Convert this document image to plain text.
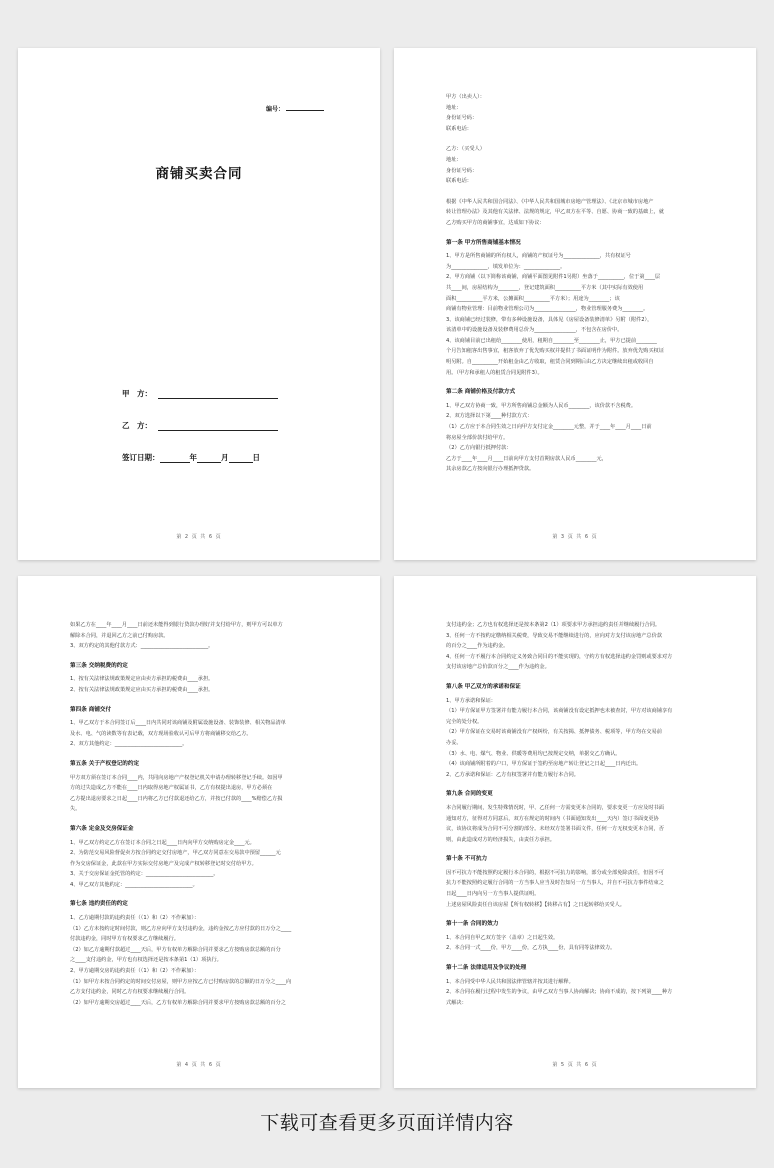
编号：
商铺买卖合同
甲　方：
乙　方：
签订日期：	年	月	日
第 2 页 共 6 页

甲方（出卖人）：

地址：

身份证号码：

联系电话：

乙方：（买受人）

地址：

身份证号码：

联系电话：

根据《中华人民共和国合同法》、《中华人民共和国城市房地产管理法》、《北京市城市房地产

转让管理办法》及其他有关法律、法规的规定，甲乙双方在平等、自愿、协商一致的基础上，就

乙方购买甲方的商铺事宜，达成如下协议：

第一条 甲方所售商铺基本情况

1、甲方是所售商铺的所有权人，商铺的产权证号为______________，共有权证号

为______________，填发单位为：______________。

2、甲方商铺（以下简称该商铺，商铺平面图见附件1另附）坐落于__________，位于第____层

共____间，房屋结构为________，登记建筑面积__________平方米（其中实际有效使用

面积__________平方米，公摊面积__________平方米）；用途为________；该

商铺有物业管理：目前物业管理公司为________________，物业管理服务费为________。

3、该商铺已经过装修，带有多种设施设备，具体见《房屋设备装修清单》另附（附件2），

该清单中的设施设备及装修费用总价为________________，不包含在房价中。

4、该商铺目前已出租给________使用，租期自________至________止，甲方已提前________

个月告知租客出售事宜，租客放弃了优先购买权并提供了书面证明作为附件。放弃优先购买权证

明另附。自__________开始租金由乙方收取，租赁合同到期后由乙方决定继续出租或收回自

用。（甲方和承租人的租赁合同见附件3）。

第二条 商铺价格及付款方式

1、甲乙双方协商一致，甲方所售商铺总金额为人民币________，该价款不含税费。

2、双方选择以下第____种付款方式：

（1）乙方应于本合同生效之日向甲方支付定金________元整，并于____年____月____日前

将房屋全部价款付给甲方。

（2）乙方向银行抵押付款：

乙方于____年____月____日前向甲方支付首期房款人民币________元，

其余房款乙方按向银行办理抵押贷款。

第 3 页 共 6 页

如果乙方在____年____月____日前还未能得到银行贷款办理好并支付给甲方，则甲方可以单方

解除本合同，并退回乙方之前已付购房款。

3、双方约定的其他付款方式：__________________________。

第三条 交纳税费的约定

1、按有关法律法规政策规定应由卖方承担的税费由____承担。

2、按有关法律法规政策规定应由买方承担的税费由____承担。

第四条 商铺交付

1、甲乙双方于本合同签订后____日内共同对该商铺及附属设施设备、装饰装修、相关物品清单

及水、电、气的读数等有表记载，双方现场验收认可后甲方将商铺移交给乙方。

2、双方其他约定：__________________________。

第五条 关于产权登记的约定

甲方双方须在签订本合同____内，共同向房地产产权登记机关申请办理转移登记手续。如因甲

方的过失造成乙方不能在____日内取得房地产权属证书，乙方有权提出退房，甲方必须在

乙方提出退房要求之日起____日内将乙方已付款退还给乙方，并按已付款的____%赔偿乙方损

失。

第六条 定金及交房保证金

1、甲乙双方约定乙方在签订本合同之日起____日内向甲方交纳购房定金____元。

2、为防范交易风险督促卖方按合同约定交付房地产，甲乙双方同意在交易款中预留______元

作为交房保证金，此款在甲方实际交付房地产及完成产权转移登记时交付给甲方。

3、关于交房保证金托管的约定：__________________________。

4、甲乙双方其他约定：__________________________。

第七条 违约责任的约定

1、乙方逾期付款的违约责任（（1）和（2）不作累加）：

（1）乙方未按约定时间付款，则乙方应向甲方支付违约金，违约金按乙方应付款的日万分之____

付款违约金，同时甲方有权要求乙方继续履行。

（2）如乙方逾期付款超过____天后，甲方有权单方解除合同并要求乙方按购房款总额的百分

之____支付违约金，甲方也有权选择还是按本条第1（1）项执行。

2、甲方逾期交房的违约责任（（1）和（2）不作累加）：

（1）如甲方未按合同约定的时间交付房屋，则甲方应按乙方已付购房款的总额的日万分之____向

乙方支付违约金，同时乙方有权要求继续履行合同。

（2）如甲方逾期交房超过____天后，乙方有权单方解除合同并要求甲方按购房款总额的百分之

第 4 页 共 6 页

支付违约金；乙方也有权选择还是按本条第2（1）项要求甲方承担违约责任并继续履行合同。

3、任何一方不按约定缴纳相关税费，导致交易不能继续进行的，应向对方支付该房地产总价款

的百分之____作为违约金。

4、任何一方不履行本合同约定义务致合同目的不能实现的，守约方有权选择违约金罚则或要求对方

支付该房地产总价款百分之____作为违约金。

第八条 甲乙双方的承诺和保证

1、甲方承诺和保证：

（1）甲方保证甲方签署并有能力履行本合同，该商铺没有设定抵押也未被查封，甲方对该商铺享有

完全的处分权。

（2）甲方保证在交易时该商铺没有产权纠纷，有关按揭、抵押债务、税项等，甲方均在交易前

办妥。

（3）水、电、煤气、物业、供暖等费用均已按规定交纳，单据交乙方确认。

（4）该商铺所附着的户口，甲方保证于签约至房地产转让登记之日起____日内迁出。

2、乙方承诺和保证：乙方有权签署并有能力履行本合同。

第九条 合同的变更

本合同履行期间，发生特殊情况时，甲、乙任何一方需变更本合同的，要求变更一方应及时书面

通知对方，征得对方同意后，双方在规定的时间内（书面通知发出____天内）签订书面变更协

议，该协议将成为合同不可分割的部分。未经双方签署书面文件，任何一方无权变更本合同，否

则，由此造成对方的经济损失，由责任方承担。

第十条 不可抗力

因不可抗力不能按照约定履行本合同的，根据不可抗力的影响，部分或全部免除责任，但因不可

抗力不能按照约定履行合同的一方当事人应当及时告知另一方当事人，并自不可抗力事件结束之

日起____日内向另一方当事人提供证明。

上述房屋风险责任自该房屋【所有权转移】【转移占有】之日起转移给买受人。

第十一条 合同的效力

1、本合同自甲乙双方签字（盖章）之日起生效。

2、本合同一式____份，甲方____份，乙方执____份，具有同等法律效力。

第十二条 法律适用及争议的处理

1、本合同受中华人民共和国法律管辖并按其进行解释。

2、本合同在履行过程中发生的争议，由甲乙双方当事人协商解决；协商不成的，按下列第____种方

式解决：

第 5 页 共 6 页
下载可查看更多页面详情内容
